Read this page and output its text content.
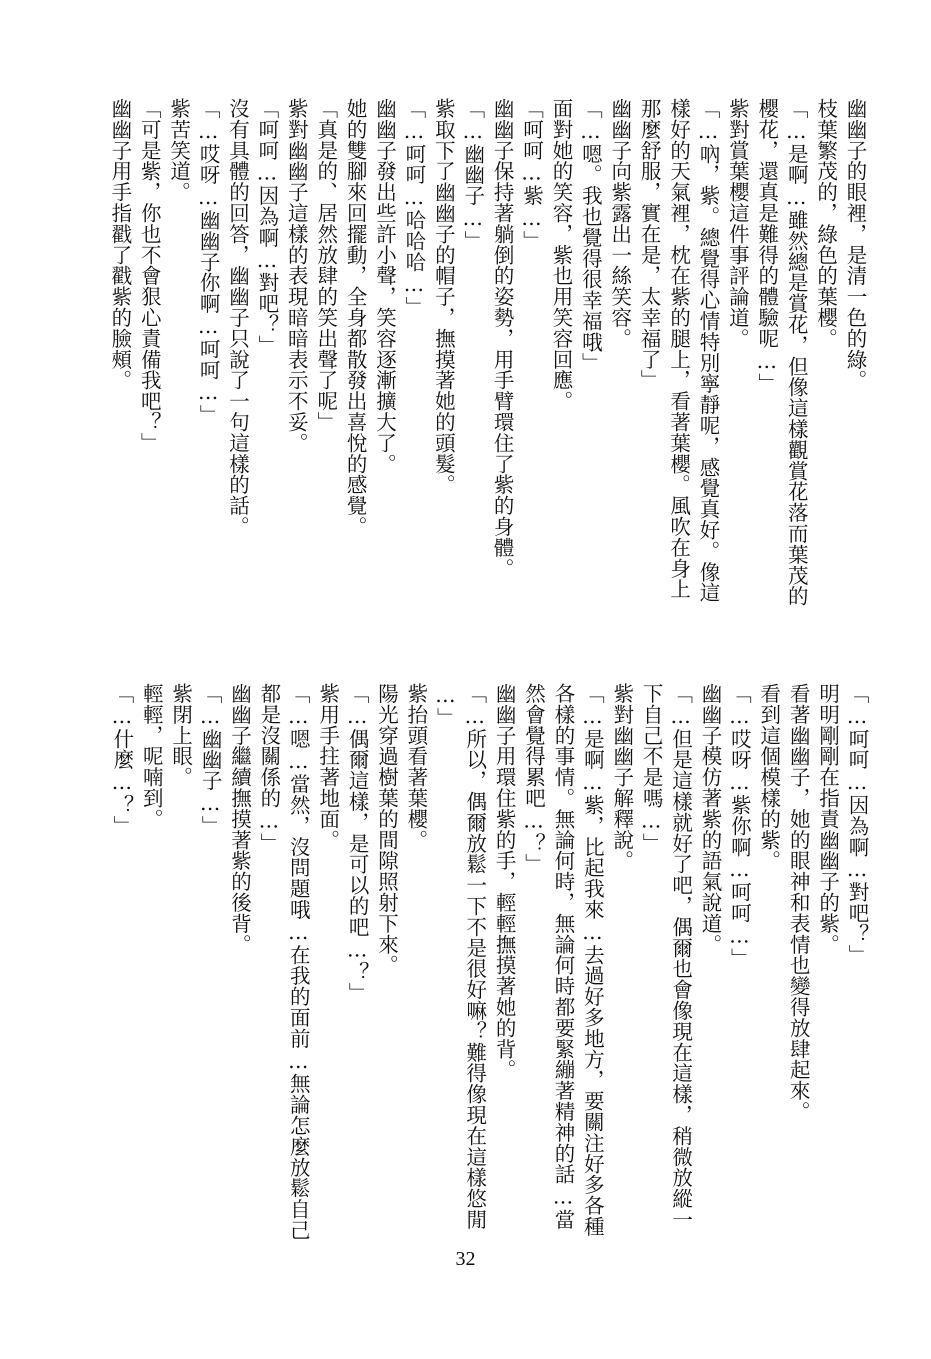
幽幽子的眼裡，是清一色的綠。
枝葉繁茂的，綠色的葉櫻。
「…是啊…雖然總是賞花，但像這樣觀賞花落而葉茂的
櫻花，還真是難得的體驗呢…」
紫對賞葉櫻這件事評論道。
「…吶，紫。總覺得心情特別寧靜呢，感覺真好。像這
樣好的天氣裡，枕在紫的腿上，看著葉櫻。風吹在身上
那麼舒服，實在是，太幸福了」
幽幽子向紫露出一絲笑容。
「…嗯。我也覺得很幸福哦」
面對她的笑容，紫也用笑容回應。
「呵呵…紫…」
幽幽子保持著躺倒的姿勢，用手臂環住了紫的身體。
「…幽幽子…」
紫取下了幽幽子的帽子，撫摸著她的頭髮。
「…呵呵…哈哈哈…」
幽幽子發出些許小聲，笑容逐漸擴大了。
她的雙腳來回擺動，全身都散發出喜悅的感覺。
「真是的、居然放肆的笑出聲了呢」
紫對幽幽子這樣的表現暗暗表示不妥。
「呵呵…因為啊…對吧？」
沒有具體的回答，幽幽子只說了一句這樣的話。
「…哎呀…幽幽子你啊…呵呵…」
紫苦笑道。
「可是紫，你也不會狠心責備我吧？」
幽幽子用手指戳了戳紫的臉頰。
「…呵呵…因為啊…對吧？」
明明剛剛在指責幽幽子的紫。
看著幽幽子，她的眼神和表情也變得放肆起來。
看到這個模樣的紫。
「…哎呀…紫你啊…呵呵…」
幽幽子模仿著紫的語氣說道。
「…但是這樣就好了吧，偶爾也會像現在這樣，稍微放縱一
下自己不是嗎…」
紫對幽幽子解釋說。
「…是啊…紫，比起我來…去過好多地方，要關注好多各種
各樣的事情。無論何時，無論何時都要緊繃著精神的話…當
然會覺得累吧…？」
幽幽子用環住紫的手，輕輕撫摸著她的背。
「…所以，偶爾放鬆一下不是很好嘛？難得像現在這樣悠閒
…」
紫抬頭看著葉櫻。
陽光穿過樹葉的間隙照射下來。
「…偶爾這樣，是可以的吧…？」
紫用手拄著地面。
「…嗯…當然，沒問題哦…在我的面前…無論怎麼放鬆自己
都是沒關係的…」
幽幽子繼續撫摸著紫的後背。
「…幽幽子…」
紫閉上眼。
輕輕，呢喃到。
「…什麼…？」
32
